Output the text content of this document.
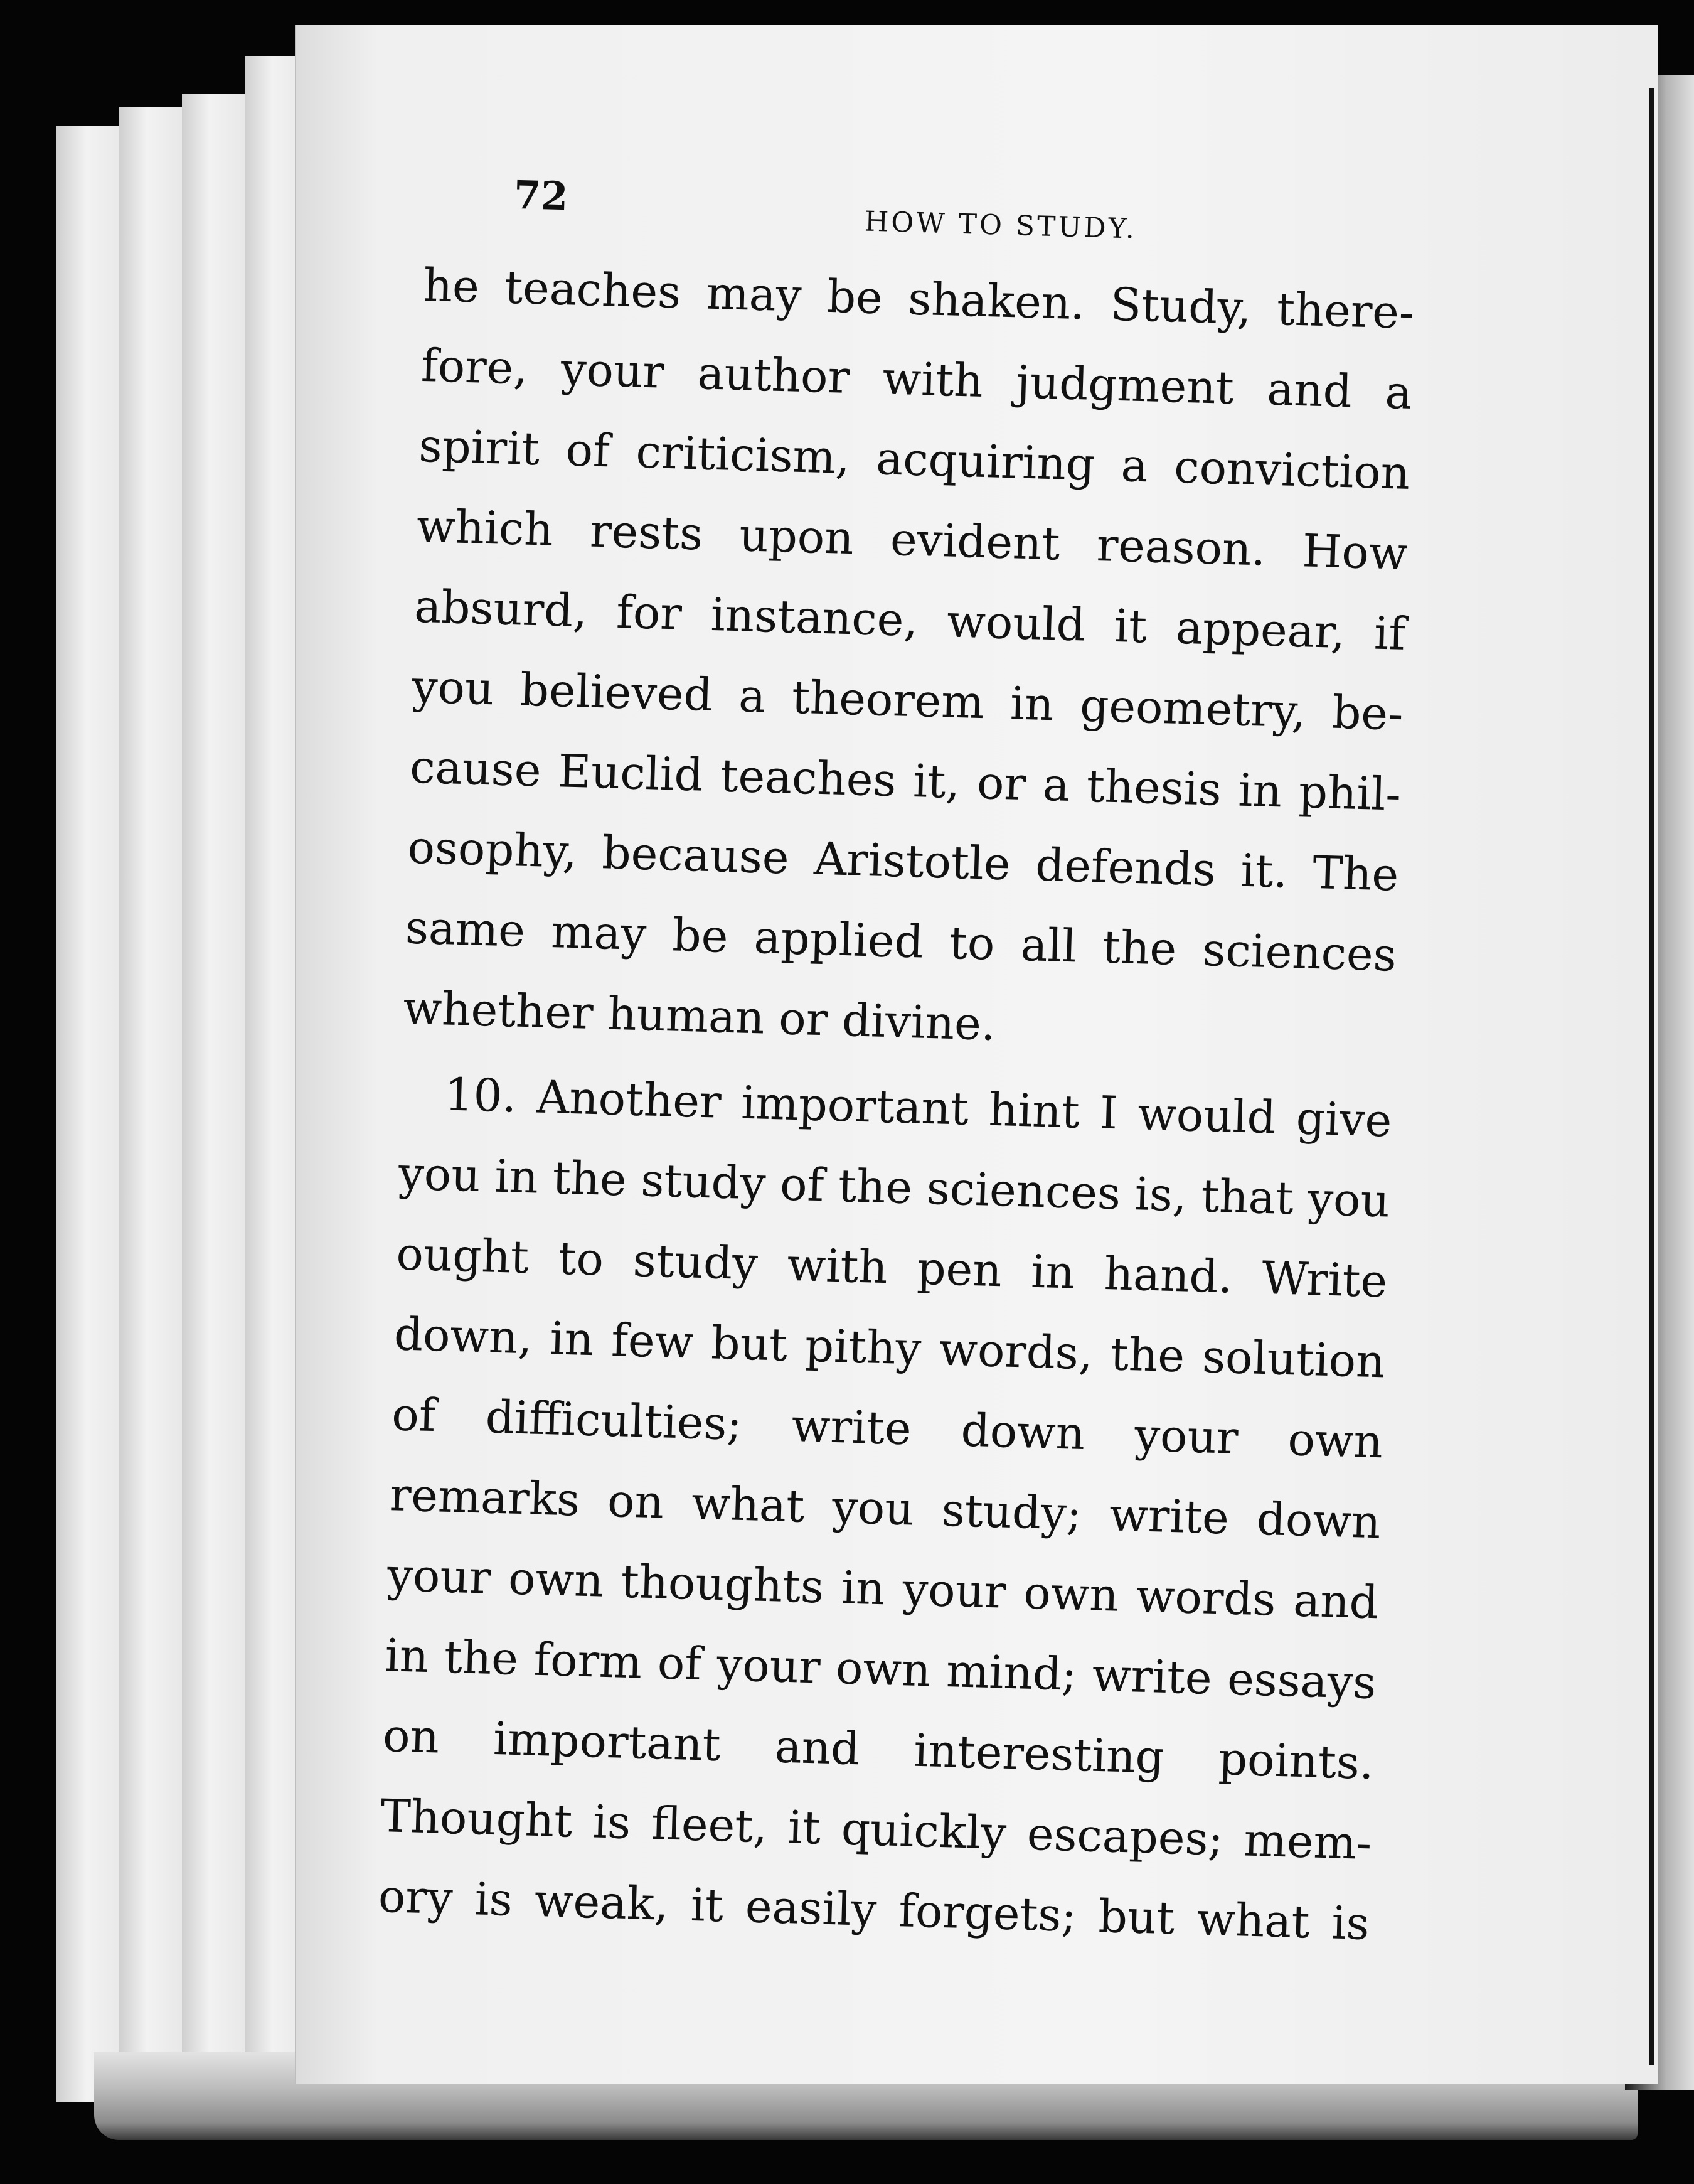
72
HOW TO STUDY.
he teaches may be shaken. Study, there-
fore, your author with judgment and a
spirit of criticism, acquiring a conviction
which rests upon evident reason. How
absurd, for instance, would it appear, if
you believed a theorem in geometry, be-
cause Euclid teaches it, or a thesis in phil-
osophy, because Aristotle defends it. The
same may be applied to all the sciences
whether human or divine.
10. Another important hint I would give
you in the study of the sciences is, that you
ought to study with pen in hand. Write
down, in few but pithy words, the solution
of difficulties; write down your own
remarks on what you study; write down
your own thoughts in your own words and
in the form of your own mind; write essays
on important and interesting points.
Thought is fleet, it quickly escapes; mem-
ory is weak, it easily forgets; but what is
